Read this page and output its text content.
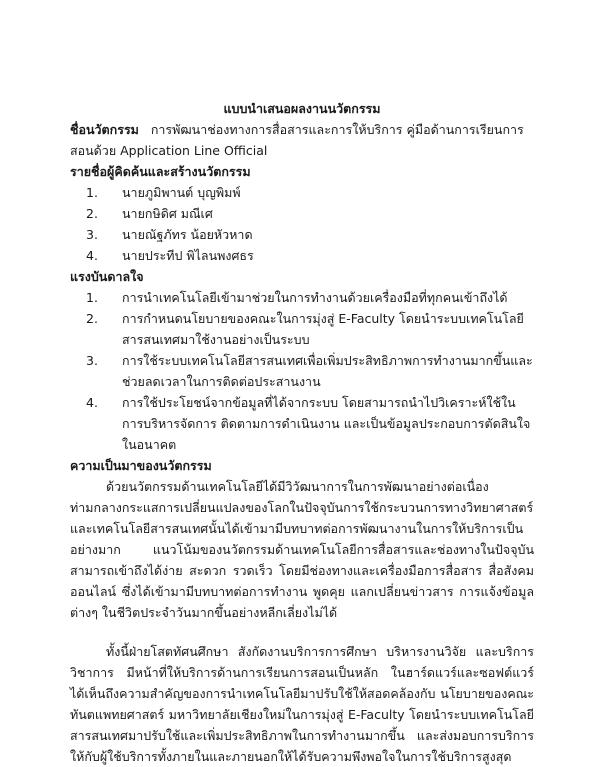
แบบนำเสนอผลงานนวัตกรรม
ชื่อนวัตกรรม การพัฒนาช่องทางการสื่อสารและการให้บริการ คู่มือด้านการเรียนการสอนด้วย Application Line Official
รายชื่อผู้คิดค้นและสร้างนวัตกรรม
1. นายภูมิพานต์ บุญพิมพ์
2. นายกษิดิศ มณีเศ
3. นายณัฐภัทร น้อยหัวหาด
4. นายประทีป พิไลนพงศธร
แรงบันดาลใจ
1. การนำเทคโนโลยีเข้ามาช่วยในการทำงานด้วยเครื่องมือที่ทุกคนเข้าถึงได้
2. การกำหนดนโยบายของคณะในการมุ่งสู่ E-Faculty โดยนำระบบเทคโนโลยีสารสนเทศมาใช้งานอย่างเป็นระบบ
3. การใช้ระบบเทคโนโลยีสารสนเทศเพื่อเพิ่มประสิทธิภาพการทำงานมากขึ้นและช่วยลดเวลาในการติดต่อประสานงาน
4. การใช้ประโยชน์จากข้อมูลที่ได้จากระบบ โดยสามารถนำไปวิเคราะห์ใช้ในการบริหารจัดการ ติดตามการดำเนินงาน และเป็นข้อมูลประกอบการตัดสินใจในอนาคต
ความเป็นมาของนวัตกรรม

ด้วยนวัตกรรมด้านเทคโนโลยีได้มีวิวัฒนาการในการพัฒนาอย่างต่อเนื่องท่ามกลางกระแสการเปลี่ยนแปลงของโลกในปัจจุบันการใช้กระบวนการทางวิทยาศาสตร์และเทคโนโลยีสารสนเทศนั้นได้เข้ามามีบทบาทต่อการพัฒนางานในการให้บริการเป็นอย่างมาก แนวโน้มของนวัตกรรมด้านเทคโนโลยีการสื่อสารและช่องทางในปัจจุบันสามารถเข้าถึงได้ง่าย สะดวก รวดเร็ว โดยมีช่องทางและเครื่องมือการสื่อสาร สื่อสังคมออนไลน์ ซึ่งได้เข้ามามีบทบาทต่อการทำงาน พูดคุย แลกเปลี่ยนข่าวสาร การแจ้งข้อมูลต่างๆ ในชีวิตประจำวันมากขึ้นอย่างหลีกเลี่ยงไม่ได้

ทั้งนี้ฝ่ายโสตทัศนศึกษา สังกัดงานบริการการศึกษา บริหารงานวิจัย และบริการวิชาการ มีหน้าที่ให้บริการด้านการเรียนการสอนเป็นหลัก ในฮาร์ดแวร์และซอฟต์แวร์ ได้เห็นถึงความสำคัญของการนำเทคโนโลยีมาปรับใช้ให้สอดคล้องกับ นโยบายของคณะทันตแพทยศาสตร์ มหาวิทยาลัยเชียงใหม่ในการมุ่งสู่ E-Faculty โดยนำระบบเทคโนโลยีสารสนเทศมาปรับใช้และเพิ่มประสิทธิภาพในการทำงานมากขึ้น และส่งมอบการบริการให้กับผู้ใช้บริการทั้งภายในและภายนอกให้ได้รับความพึงพอใจในการใช้บริการสูงสุด
